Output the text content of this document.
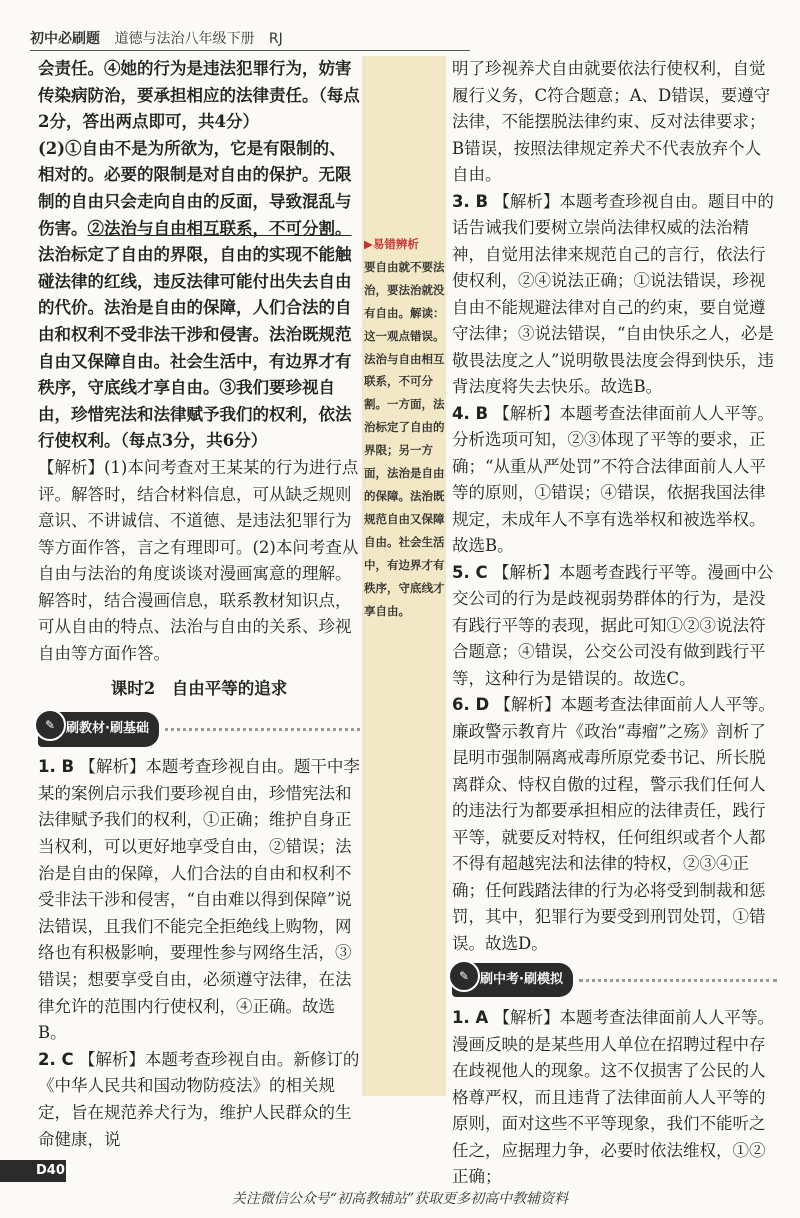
初中必刷题 道德与法治八年级下册 RJ

▶易错辨析

要自由就不要法治，要法治就没有自由。解读：这一观点错误。法治与自由相互联系，不可分割。一方面，法治标定了自由的界限；另一方面，法治是自由的保障。法治既规范自由又保障自由。社会生活中，有边界才有秩序，守底线才享自由。

会责任。④她的行为是违法犯罪行为，妨害传染病防治，要承担相应的法律责任。（每点2分，答出两点即可，共4分）

(2)①自由不是为所欲为，它是有限制的、相对的。必要的限制是对自由的保护。无限制的自由只会走向自由的反面，导致混乱与伤害。②法治与自由相互联系，不可分割。法治标定了自由的界限，自由的实现不能触碰法律的红线，违反法律可能付出失去自由的代价。法治是自由的保障，人们合法的自由和权利不受非法干涉和侵害。法治既规范自由又保障自由。社会生活中，有边界才有秩序，守底线才享自由。③我们要珍视自由，珍惜宪法和法律赋予我们的权利，依法行使权利。（每点3分，共6分）

【解析】(1)本问考查对王某某的行为进行点评。解答时，结合材料信息，可从缺乏规则意识、不讲诚信、不道德、是违法犯罪行为等方面作答，言之有理即可。(2)本问考查从自由与法治的角度谈谈对漫画寓意的理解。解答时，结合漫画信息，联系教材知识点，可从自由的特点、法治与自由的关系、珍视自由等方面作答。

课时2　自由平等的追求

✎ 刷教材·刷基础

1. B 【解析】本题考查珍视自由。题干中李某的案例启示我们要珍视自由，珍惜宪法和法律赋予我们的权利，①正确；维护自身正当权利，可以更好地享受自由，②错误；法治是自由的保障，人们合法的自由和权利不受非法干涉和侵害，“自由难以得到保障”说法错误，且我们不能完全拒绝线上购物，网络也有积极影响，要理性参与网络生活，③错误；想要享受自由，必须遵守法律，在法律允许的范围内行使权利，④正确。故选B。

2. C 【解析】本题考查珍视自由。新修订的《中华人民共和国动物防疫法》的相关规定，旨在规范养犬行为，维护人民群众的生命健康，说

明了珍视养犬自由就要依法行使权利，自觉履行义务，C符合题意；A、D错误，要遵守法律，不能摆脱法律约束、反对法律要求；B错误，按照法律规定养犬不代表放弃个人自由。

3. B 【解析】本题考查珍视自由。题目中的话告诫我们要树立崇尚法律权威的法治精神，自觉用法律来规范自己的言行，依法行使权利，②④说法正确；①说法错误，珍视自由不能规避法律对自己的约束，要自觉遵守法律；③说法错误，“自由快乐之人，必是敬畏法度之人”说明敬畏法度会得到快乐，违背法度将失去快乐。故选B。

4. B 【解析】本题考查法律面前人人平等。分析选项可知，②③体现了平等的要求，正确；“从重从严处罚”不符合法律面前人人平等的原则，①错误；④错误，依据我国法律规定，未成年人不享有选举权和被选举权。故选B。

5. C 【解析】本题考查践行平等。漫画中公交公司的行为是歧视弱势群体的行为，是没有践行平等的表现，据此可知①②③说法符合题意；④错误，公交公司没有做到践行平等，这种行为是错误的。故选C。

6. D 【解析】本题考查法律面前人人平等。廉政警示教育片《政治“毒瘤”之殇》剖析了昆明市强制隔离戒毒所原党委书记、所长脱离群众、恃权自傲的过程，警示我们任何人的违法行为都要承担相应的法律责任，践行平等，就要反对特权，任何组织或者个人都不得有超越宪法和法律的特权，②③④正确；任何践踏法律的行为必将受到制裁和惩罚，其中，犯罪行为要受到刑罚处罚，①错误。故选D。

✎ 刷中考·刷模拟

1. A 【解析】本题考查法律面前人人平等。漫画反映的是某些用人单位在招聘过程中存在歧视他人的现象。这不仅损害了公民的人格尊严权，而且违背了法律面前人人平等的原则，面对这些不平等现象，我们不能听之任之，应据理力争，必要时依法维权，①②正确；

D40
关注微信公众号“初高教辅站”获取更多初高中教辅资料
